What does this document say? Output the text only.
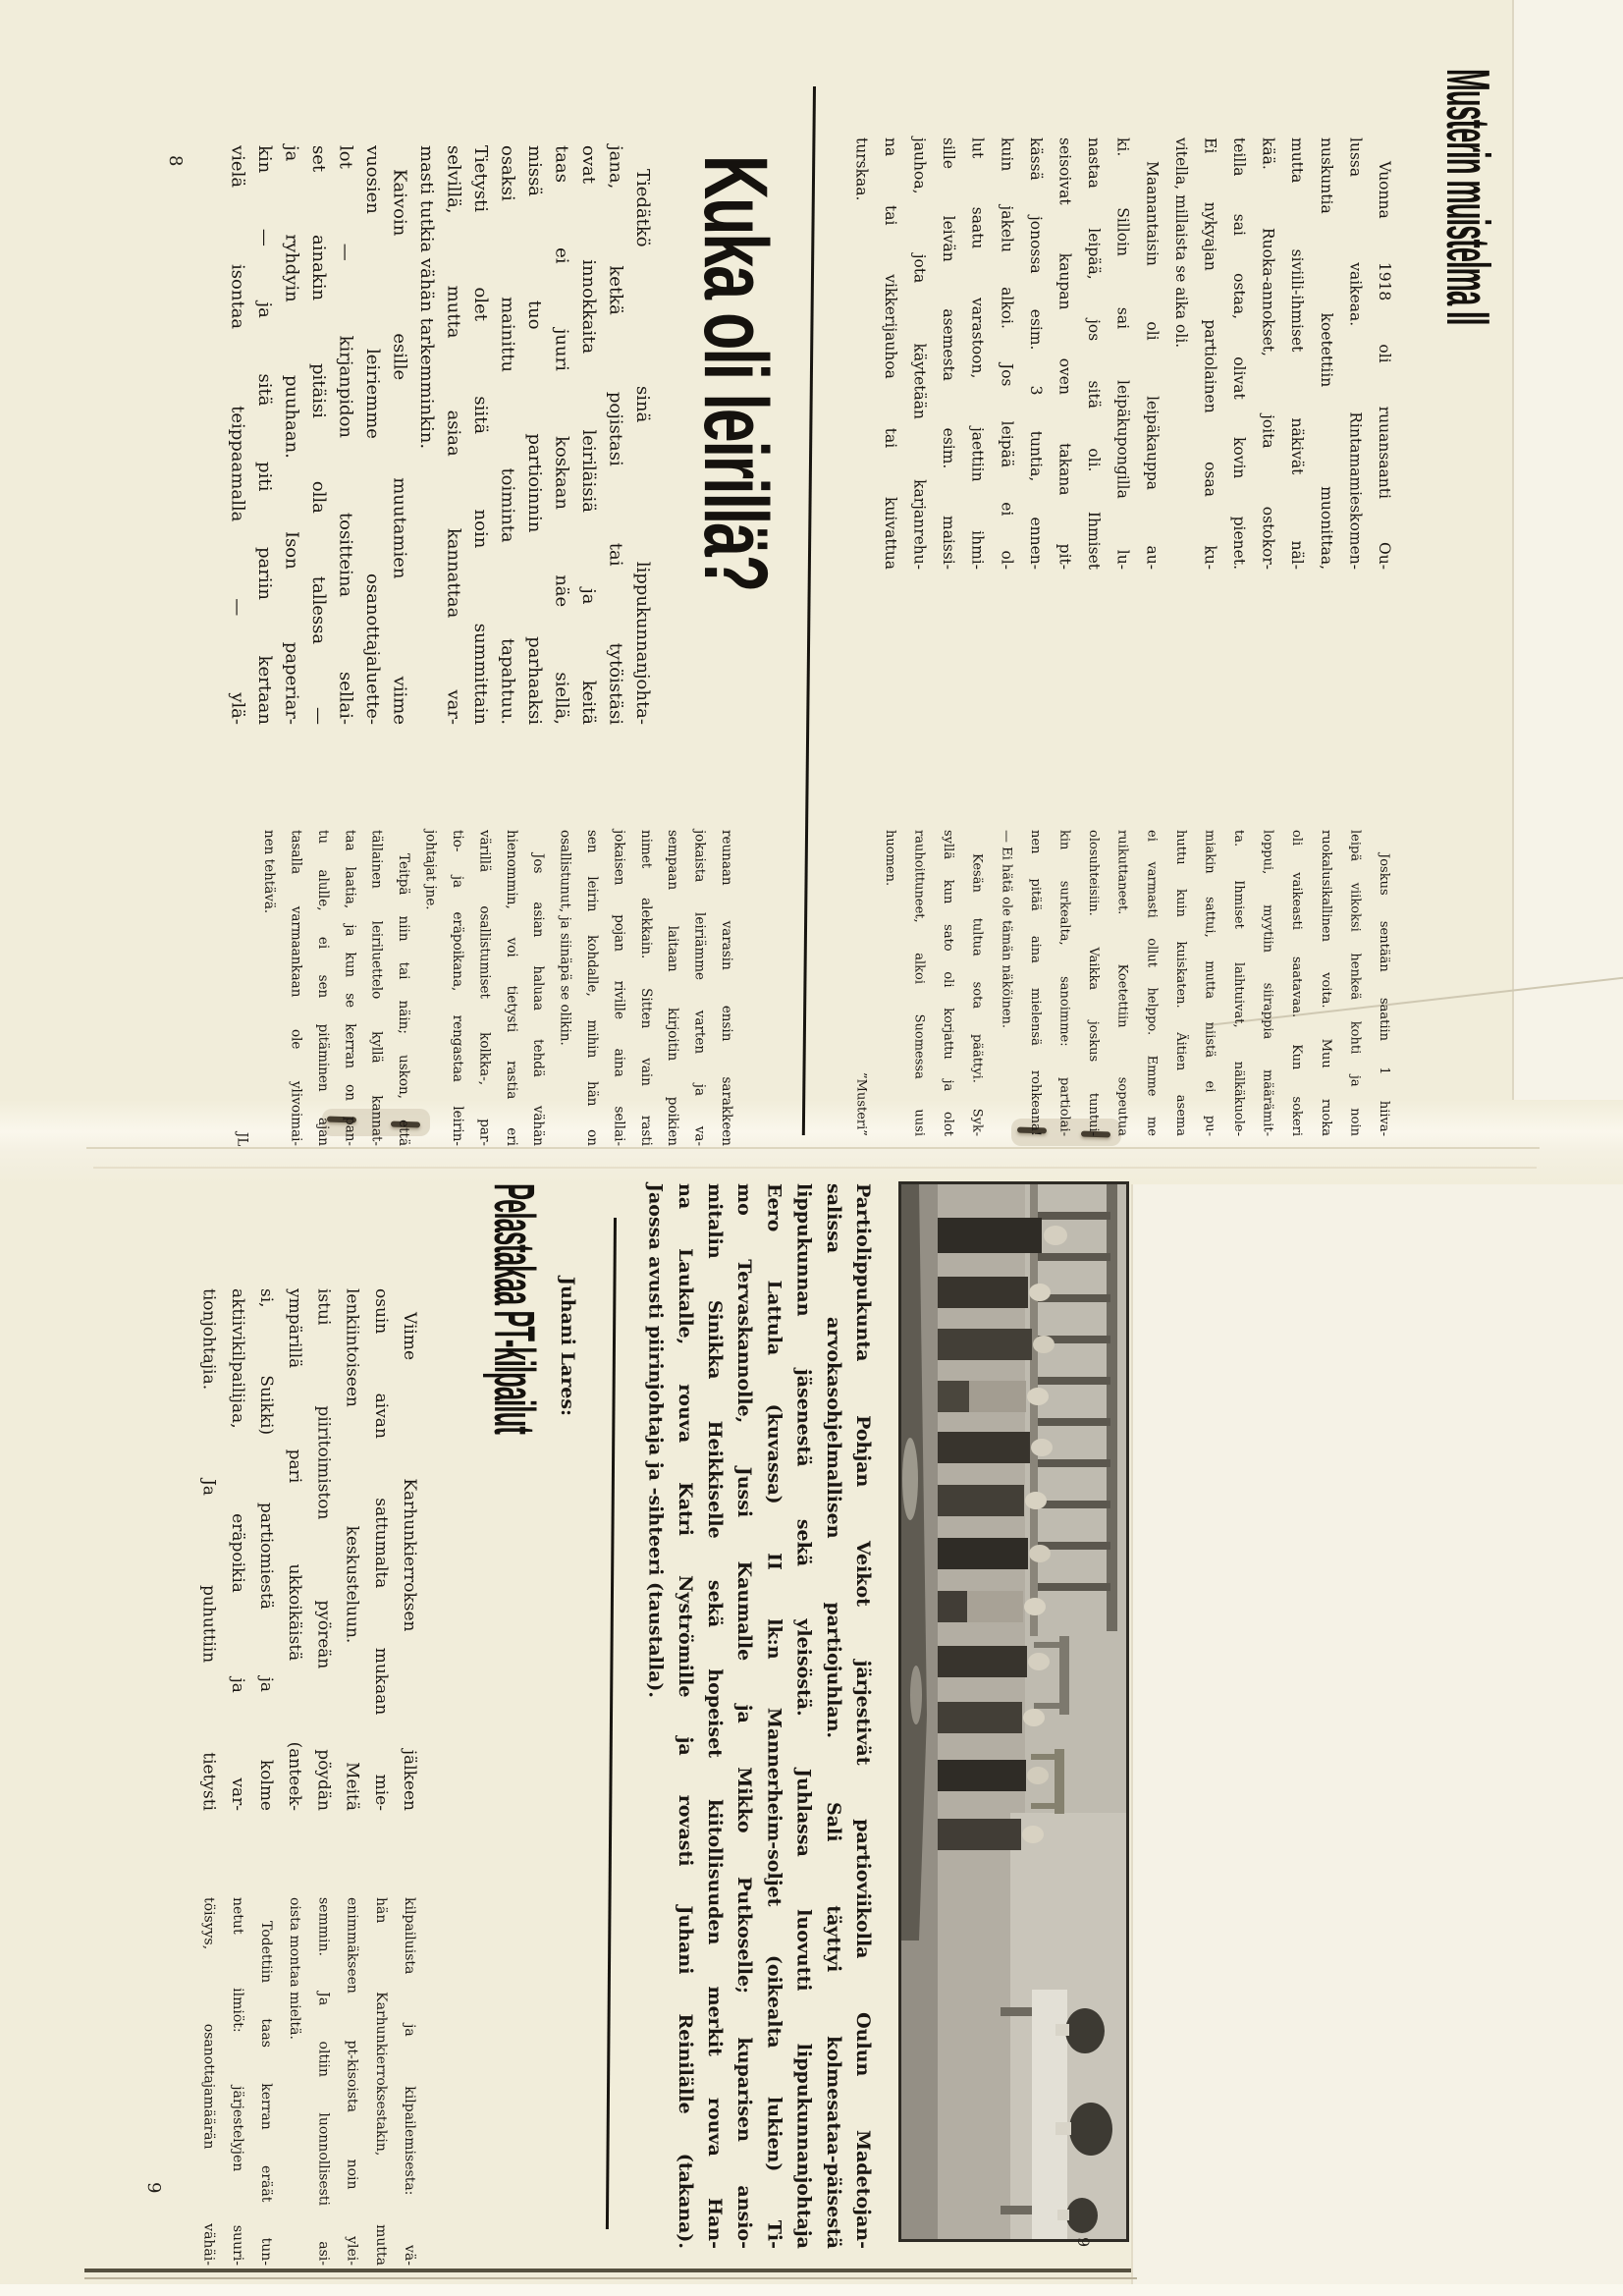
8	Musterin muistelma II
Vuonna 1918 oli ruuansaanti Ou-
lussa vaikeaa. Rintamamieskomen-
nuskuntia koetettiin muonittaa,
mutta siviili-ihmiset näkivät näl-
kää. Ruoka-annokset, joita ostokor-
teilla sai ostaa, olivat kovin pienet.
Ei nykyajan partiolainen osaa ku-
vitella, millaista se aika oli.
Maanantaisin oli leipäkauppa au-
ki. Silloin sai leipäkupongilla lu-
nastaa leipää, jos sitä oli. Ihmiset
seisoivat kaupan oven takana pit-
kässä jonossa esim. 3 tuntia, ennen-
kuin jakelu alkoi. Jos leipää ei ol-
lut saatu varastoon, jaettiin ihmi-
sille leivän asemesta esim. maissi-
jauhoa, jota käytetään karjanrehu-
na tai vikkerijauhoa tai kuivattua
turskaa.
Joskus sentään saatiin 1 hiiva-
leipä viikoksi henkeä kohti ja noin
ruokalusikallinen voita. Muu ruoka
oli vaikeasti saatavaa. Kun sokeri
loppui, myytiin siirappia määrämit-
ta. Ihmiset laihtuivat, nälkäkuole-
miakin sattui, mutta niistä ei pu-
huttu kuin kuiskaten. Äitien asema
ei varmasti ollut helppo. Emme me
ruikuttaneet. Koetettiin sopeutua
olosuhteisiin. Vaikka joskus tuntui-
kin surkealta, sanoimme: partiolai-
nen pitää aina mielensä rohkeana!
— Ei hätä ole tämän näköinen.
Kesän tultua sota päättyi. Syk-
syllä kun sato oli korjattu ja olot
rauhoittuneet, alkoi Suomessa uusi
huomen.
”Musteri”
Kuka oli leirillä?
Tiedätkö sinä lippukunnanjohta-
jana, ketkä pojistasi tai tytöistäsi
ovat innokkaita leiriläisiä ja keitä
taas ei juuri koskaan näe siellä,
missä tuo partioinnin parhaaksi
osaksi mainittu toiminta tapahtuu.
Tietysti olet siitä noin summittain
selvillä, mutta asiaa kannattaa var-
masti tutkia vähän tarkemminkin.
Kaivoin esille muutamien viime
vuosien leiriemme osanottajaluette-
lot — kirjanpidon tositteina sellai-
set ainakin pitäisi olla tallessa —
ja ryhdyin puuhaan. Ison paperiar-
kin — ja sitä piti pariin kertaan
vielä isontaa teippaamalla — ylä-
reunaan varasin ensin sarakkeen
jokaista leiriämme varten ja va-
sempaan laitaan kirjoitin poikien
nimet alekkain. Sitten vain rasti
jokaisen pojan riville aina sellai-
sen leirin kohdalle, mihin hän on
osallistunut, ja siinäpä se olikin.
Jos asian haluaa tehdä vähän
hienommin, voi tietysti rastia eri
värillä osallistumiset kolkka-, par-
tio- ja eräpoikana, rengastaa leirin-
johtajat jne.
Teitpä niin tai näin; uskon, että
tällainen leiriluettelo kyllä kannat-
taa laatia, ja kun se kerran on pan-
tu alulle, ei sen pitäminen ajan
tasalla varmaankaan ole ylivoimai-
nen tehtävä.
JL
Partiolippukunta Pohjan Veikot järjestivät partioviikolla Oulun Madetojan-
salissa arvokasohjelmallisen partiojuhlan. Sali täyttyi kolmesataa-päisestä
lippukunnan jäsenestä sekä yleisöstä. Juhlassa luovutti lippukunnanjohtaja
Eero Lattula (kuvassa) II lk:n Mannerheim-soljet (oikealta lukien) Ti-
mo Tervaskannolle, Jussi Kaumalle ja Mikko Putkoselle; kuparisen ansio-
mitalin Sinikka Heikkiselle sekä hopeiset kiitollisuuden merkit rouva Han-
na Laukalle, rouva Katri Nyströmille ja rovasti Juhani Reinilälle (takana).
Jaossa avusti piirinjohtaja ja -sihteeri (taustalla).
Juhani Lares:
Pelastakaa PT-kilpailut
Viime Karhunkierroksen jälkeen
osuin aivan sattumalta mukaan mie-
lenkiintoiseen keskusteluun. Meitä
istui piiritoimiston pyöreän pöydän
ympärillä pari ukkoikäistä (anteek-
si, Suikki) partiomiestä ja kolme
aktiivikilpailijaa, eräpoikia ja var-
tionjohtajia. Ja puhuttiin tietysti
kilpailuista ja kilpailemisesta: vä-
hän Karhunkierroksestakin, mutta
enimmäkseen pt-kisoista noin ylei-
semmin. Ja oltiin luonnollisesti asi-
oista montaa mieltä.
Todettiin taas kerran eräät tun-
netut ilmiöt: järjestelyjen suuri-
töisyys, osanottajamäärän vähäi-
9
9
